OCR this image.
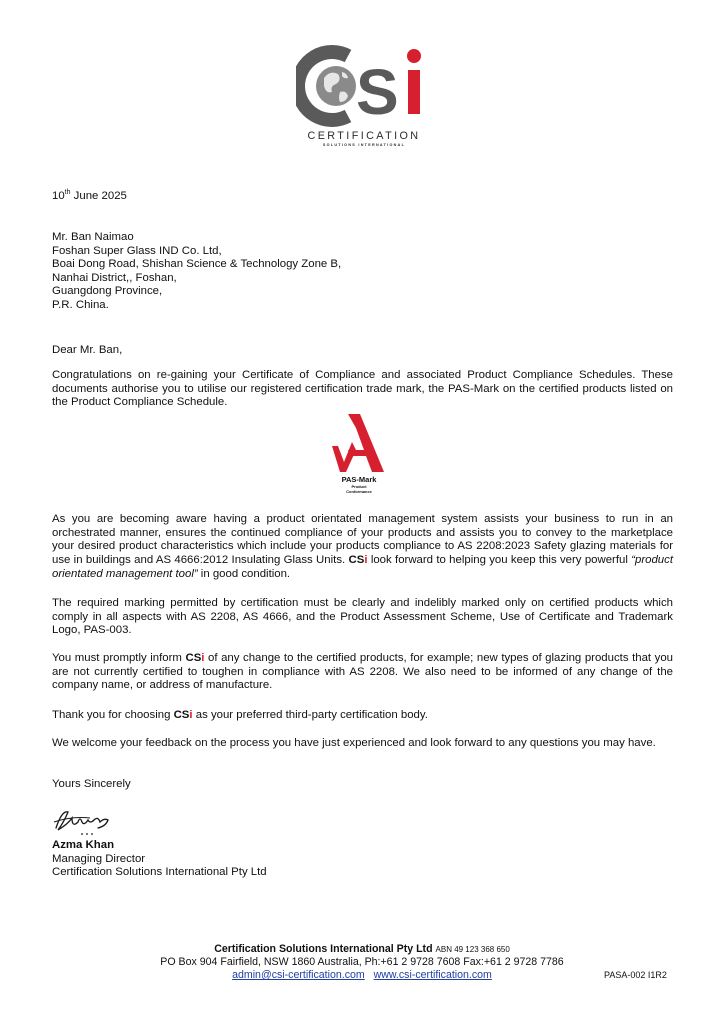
S
CERTIFICATION
SOLUTIONS INTERNATIONAL
10th June 2025
Mr. Ban Naimao
Foshan Super Glass IND Co. Ltd,
Boai Dong Road, Shishan Science & Technology Zone B,
Nanhai District,, Foshan,
Guangdong Province,
P.R. China.
Dear Mr. Ban,
Congratulations on re-gaining your Certificate of Compliance and associated Product Compliance Schedules. These documents authorise you to utilise our registered certification trade mark, the PAS-Mark on the certified products listed on the Product Compliance Schedule.
PAS-Mark
Product
Conformance
As you are becoming aware having a product orientated management system assists your business to run in an orchestrated manner, ensures the continued compliance of your products and assists you to convey to the marketplace your desired product characteristics which include your products compliance to AS 2208:2023 Safety glazing materials for use in buildings and AS 4666:2012 Insulating Glass Units. CSi look forward to helping you keep this very powerful “product orientated management tool” in good condition.
The required marking permitted by certification must be clearly and indelibly marked only on certified products which comply in all aspects with AS 2208, AS 4666, and the Product Assessment Scheme, Use of Certificate and Trademark Logo, PAS-003.
You must promptly inform CSi of any change to the certified products, for example; new types of glazing products that you are not currently certified to toughen in compliance with AS 2208. We also need to be informed of any change of the company name, or address of manufacture.
Thank you for choosing CSi as your preferred third-party certification body.
We welcome your feedback on the process you have just experienced and look forward to any questions you may have.
Yours Sincerely
Azma Khan
Managing Director
Certification Solutions International Pty Ltd
Certification Solutions International Pty Ltd ABN 49 123 368 650
PO Box 904 Fairfield, NSW 1860 Australia, Ph:+61 2 9728 7608 Fax:+61 2 9728 7786
admin@csi-certification.com www.csi-certification.com	PASA-002 I1R2
